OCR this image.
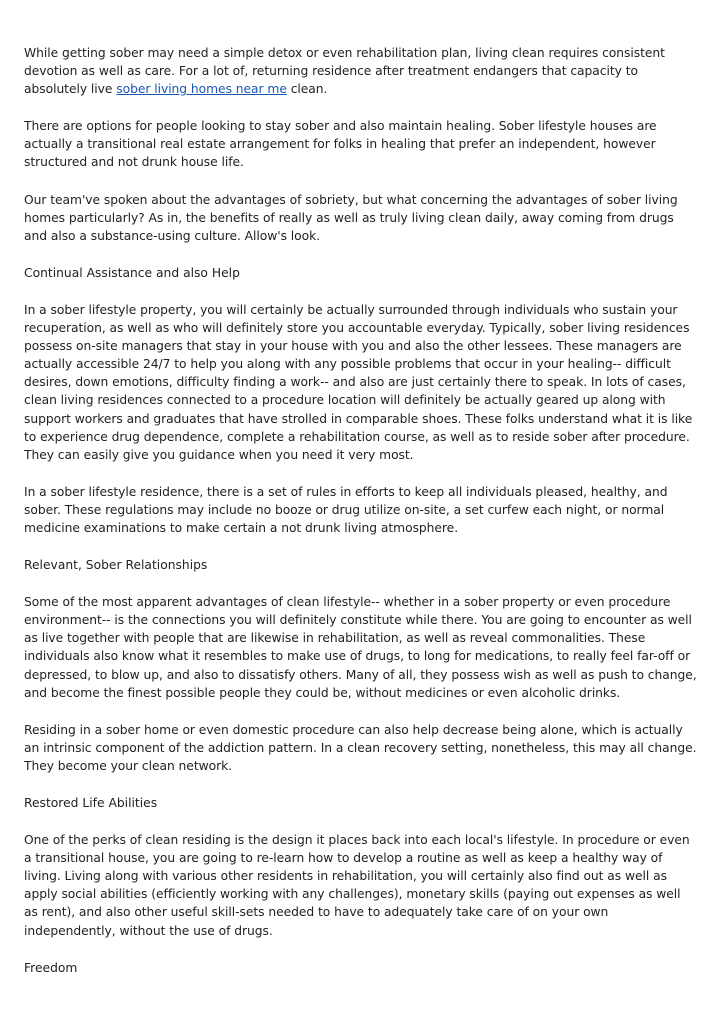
While getting sober may need a simple detox or even rehabilitation plan, living clean requires consistent devotion as well as care. For a lot of, returning residence after treatment endangers that capacity to absolutely live sober living homes near me clean.

There are options for people looking to stay sober and also maintain healing. Sober lifestyle houses are actually a transitional real estate arrangement for folks in healing that prefer an independent, however structured and not drunk house life.

Our team've spoken about the advantages of sobriety, but what concerning the advantages of sober living homes particularly? As in, the benefits of really as well as truly living clean daily, away coming from drugs and also a substance-using culture. Allow's look.

Continual Assistance and also Help

In a sober lifestyle property, you will certainly be actually surrounded through individuals who sustain your recuperation, as well as who will definitely store you accountable everyday. Typically, sober living residences possess on-site managers that stay in your house with you and also the other lessees. These managers are actually accessible 24/7 to help you along with any possible problems that occur in your healing-- difficult desires, down emotions, difficulty finding a work-- and also are just certainly there to speak. In lots of cases, clean living residences connected to a procedure location will definitely be actually geared up along with support workers and graduates that have strolled in comparable shoes. These folks understand what it is like to experience drug dependence, complete a rehabilitation course, as well as to reside sober after procedure. They can easily give you guidance when you need it very most.

In a sober lifestyle residence, there is a set of rules in efforts to keep all individuals pleased, healthy, and sober. These regulations may include no booze or drug utilize on-site, a set curfew each night, or normal medicine examinations to make certain a not drunk living atmosphere.

Relevant, Sober Relationships

Some of the most apparent advantages of clean lifestyle-- whether in a sober property or even procedure environment-- is the connections you will definitely constitute while there. You are going to encounter as well as live together with people that are likewise in rehabilitation, as well as reveal commonalities. These individuals also know what it resembles to make use of drugs, to long for medications, to really feel far-off or depressed, to blow up, and also to dissatisfy others. Many of all, they possess wish as well as push to change, and become the finest possible people they could be, without medicines or even alcoholic drinks.

Residing in a sober home or even domestic procedure can also help decrease being alone, which is actually an intrinsic component of the addiction pattern. In a clean recovery setting, nonetheless, this may all change. They become your clean network.

Restored Life Abilities

One of the perks of clean residing is the design it places back into each local's lifestyle. In procedure or even a transitional house, you are going to re-learn how to develop a routine as well as keep a healthy way of living. Living along with various other residents in rehabilitation, you will certainly also find out as well as apply social abilities (efficiently working with any challenges), monetary skills (paying out expenses as well as rent), and also other useful skill-sets needed to have to adequately take care of on your own independently, without the use of drugs.

Freedom
